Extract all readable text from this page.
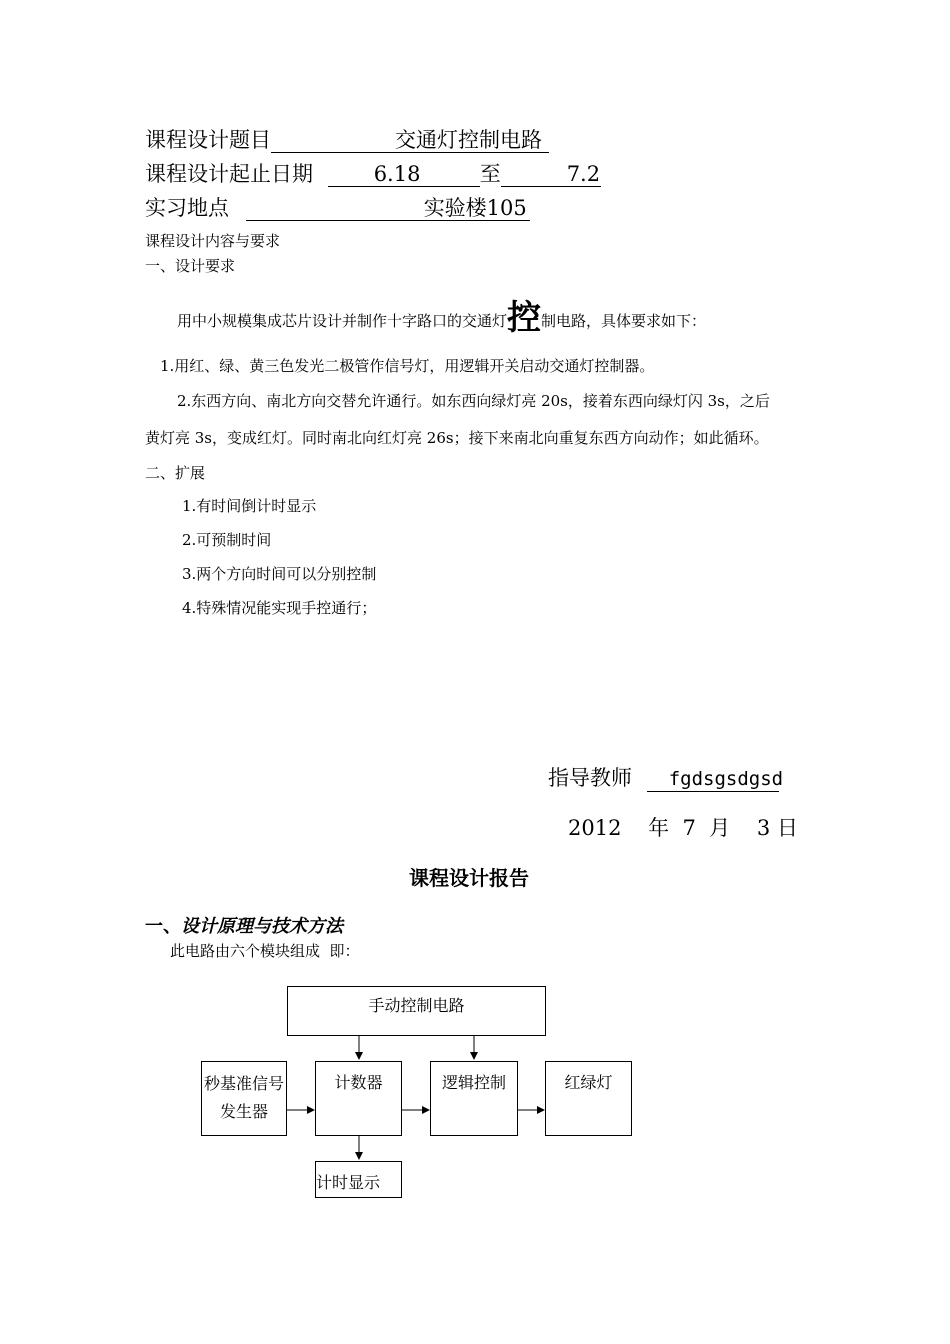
课程设计题目	交通灯控制电路
课程设计起止日期	6.18	至	7.2
实习地点	实验楼105
课程设计内容与要求
一、设计要求
用中小规模集成芯片设计并制作十字路口的交通灯控制电路，具体要求如下：
1.用红、绿、黄三色发光二极管作信号灯，用逻辑开关启动交通灯控制器。
2.东西方向、南北方向交替允许通行。如东西向绿灯亮 20s，接着东西向绿灯闪 3s，之后
黄灯亮 3s，变成红灯。同时南北向红灯亮 26s；接下来南北向重复东西方向动作；如此循环。
二、扩展
1.有时间倒计时显示
2.可预制时间
3.两个方向时间可以分别控制
4.特殊情况能实现手控通行；
指导教师 fgdsgsdgsd
2012    年  7  月    3 日
课程设计报告
一、设计原理与技术方法
此电路由六个模块组成  即：
手动控制电路
秒基准信号
发生器
计数器	逻辑控制	红绿灯
计时显示
